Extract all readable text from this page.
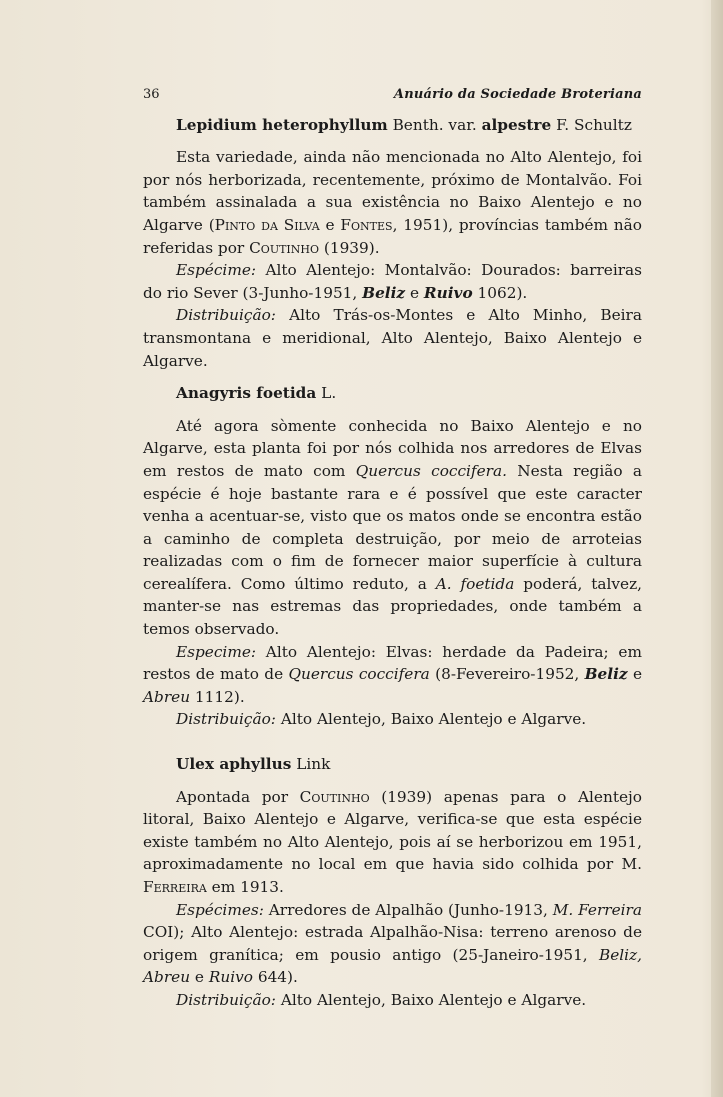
36	Anuário da Sociedade Broteriana
Lepidium heterophyllum Benth. var. alpestre F. Schultz

Esta variedade, ainda não mencionada no Alto Alentejo, foi por nós herborizada, recentemente, próximo de Montalvão. Foi também assinalada a sua existência no Baixo Alentejo e no Algarve (Pinto da Silva e Fontes, 1951), províncias também não referidas por Coutinho (1939).

Espécime: Alto Alentejo: Montalvão: Dourados: barreiras do rio Sever (3-Junho-1951, Beliz e Ruivo 1062).

Distribuição: Alto Trás-os-Montes e Alto Minho, Beira transmontana e meridional, Alto Alentejo, Baixo Alentejo e Algarve.

Anagyris foetida L.

Até agora sòmente conhecida no Baixo Alentejo e no Algarve, esta planta foi por nós colhida nos arredores de Elvas em restos de mato com Quercus coccifera. Nesta região a espécie é hoje bastante rara e é possível que este caracter venha a acentuar-se, visto que os matos onde se encontra estão a caminho de completa destruição, por meio de arroteias realizadas com o fim de fornecer maior superfície à cultura cerealífera. Como último reduto, a A. foetida poderá, talvez, manter-se nas estremas das propriedades, onde também a temos observado.

Especime: Alto Alentejo: Elvas: herdade da Padeira; em restos de mato de Quercus coccifera (8-Fevereiro-1952, Beliz e Abreu 1112).

Distribuição: Alto Alentejo, Baixo Alentejo e Algarve.

Ulex aphyllus Link

Apontada por Coutinho (1939) apenas para o Alentejo litoral, Baixo Alentejo e Algarve, verifica-se que esta espécie existe também no Alto Alentejo, pois aí se herborizou em 1951, aproximadamente no local em que havia sido colhida por M. Ferreira em 1913.

Espécimes: Arredores de Alpalhão (Junho-1913, M. Ferreira COI); Alto Alentejo: estrada Alpalhão-Nisa: terreno arenoso de origem granítica; em pousio antigo (25-Janeiro-1951, Beliz, Abreu e Ruivo 644).

Distribuição: Alto Alentejo, Baixo Alentejo e Algarve.
